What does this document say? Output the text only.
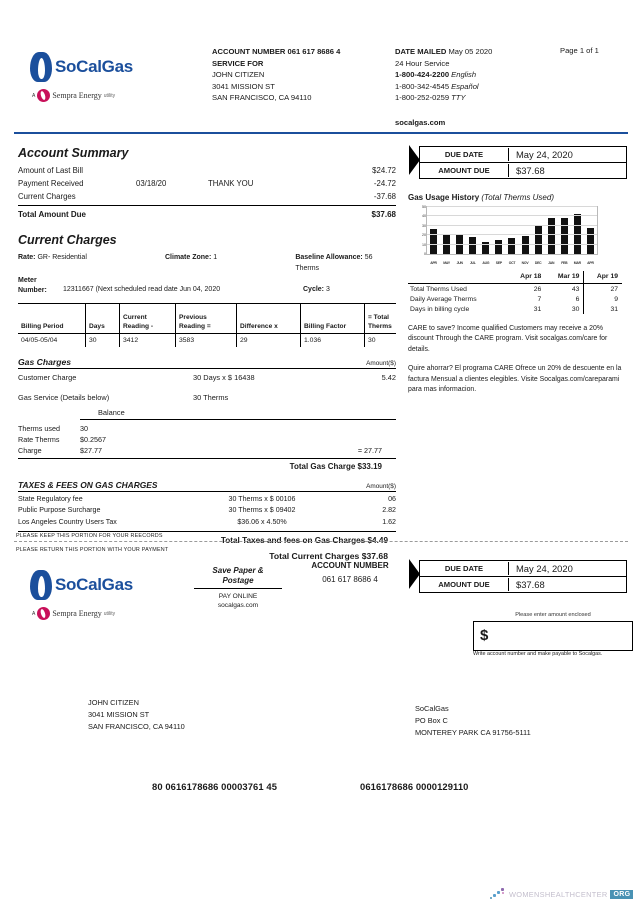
SoCalGas
A Sempra Energy utility
ACCOUNT NUMBER 061 617 8686 4
SERVICE FOR
JOHN CITIZEN
3041 MISSION ST
SAN FRANCISCO, CA 94110
DATE MAILED May 05 2020
24 Hour Service
1-800-424-2200 English
1-800-342-4545 Español
1-800-252-0259 TTY
Page 1 of 1
socalgas.com
Account Summary
Amount of Last Bill	$24.72
Payment Received	03/18/20	THANK YOU	-24.72
Current Charges	-37.68
Total Amount Due	$37.68
Current Charges
Rate: GR- Residential	Climate Zone: 1	Baseline Allowance: 56 Therms
Meter
Number:	12311667 (Next scheduled read date Jun 04, 2020	Cycle: 3
Billing Period	Days	Current Reading -	Previous Reading =	Difference x	Billing Factor	= Total Therms
04/05-05/04	30	3412	3583	29	1.036	30
Gas Charges	Amount($)
Customer Charge	30 Days x $ 16438	5.42
Gas Service (Details below)	30 Therms
Balance
Therms used	30
Rate Therms	$0.2567
Charge	$27.77	= 27.77
Total Gas Charge $33.19
TAXES & FEES ON GAS CHARGES	Amount($)
State Regulatory fee	30 Therms x $ 00106	06
Public Purpose Surcharge	30 Therms x $ 09402	2.82
Los Angeles Country Users Tax	$36.06 x 4.50%	1.62
Total Taxes and fees on Gas Charges $4.49
Total Current Charges $37.68
DUE DATE	May 24, 2020
AMOUNT DUE	$37.68
Gas Usage History (Total Therms Used)
0
10
20
30
40
50
APR	MAY	JUN	JUL	AUG	SEP	OCT	NOV	DEC	JAN	FEB	MAR	APR
	Apr 18	Mar 19	Apr 19
Total Therms Used	26	43	27
Daily Average Therms	7	6	9
Days in billing cycle	31	30	31

CARE to save? Income qualified Customers may receive a 20% discount Through the CARE program. Visit socalgas.com/care for details.

Quire ahorrar? El programa CARE Ofrece un 20% de descuente en la factura Mensual a clientes elegibles. Visite Socalgas.com/careparami para mas informacion.

PLEASE KEEP THIS PORTION FOR YOUR REECORDS
PLEASE RETURN THIS PORTION WITH YOUR PAYMENT
SoCalGas
A Sempra Energy utility
Save Paper &
Postage
PAY ONLINE
socalgas.com
ACCOUNT NUMBER
061 617 8686 4
DUE DATE	May 24, 2020
AMOUNT DUE	$37.68
Please enter amount enclosed
$
Write account number and make payable to Socalgas.
JOHN CITIZEN
3041 MISSION ST
SAN FRANCISCO, CA 94110
SoCalGas
PO Box C
MONTEREY PARK CA 91756-5111
80 0616178686 00003761 45	0616178686 0000129110
WOMENSHEALTHCENTER ORG
